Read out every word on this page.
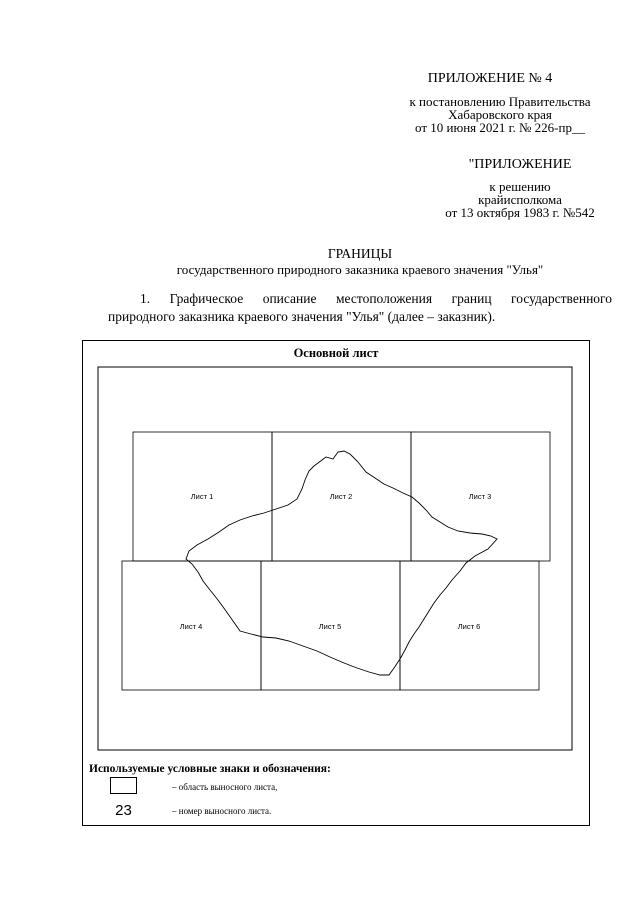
ПРИЛОЖЕНИЕ № 4
к постановлению Правительства
Хабаровского края
от 10 июня 2021 г. № 226-пр__
"ПРИЛОЖЕНИЕ
к решению
крайисполкома
от 13 октября 1983 г. №542
ГРАНИЦЫ
государственного природного заказника краевого значения "Улья"
1. Графическое описание местоположения границ государственного
природного заказника краевого значения "Улья" (далее – заказник).
Основной лист
Лист 1	Лист 2	Лист 3
Лист 4	Лист 5	Лист 6
Используемые условные знаки и обозначения:
– область выносного листа,
23	– номер выносного листа.
